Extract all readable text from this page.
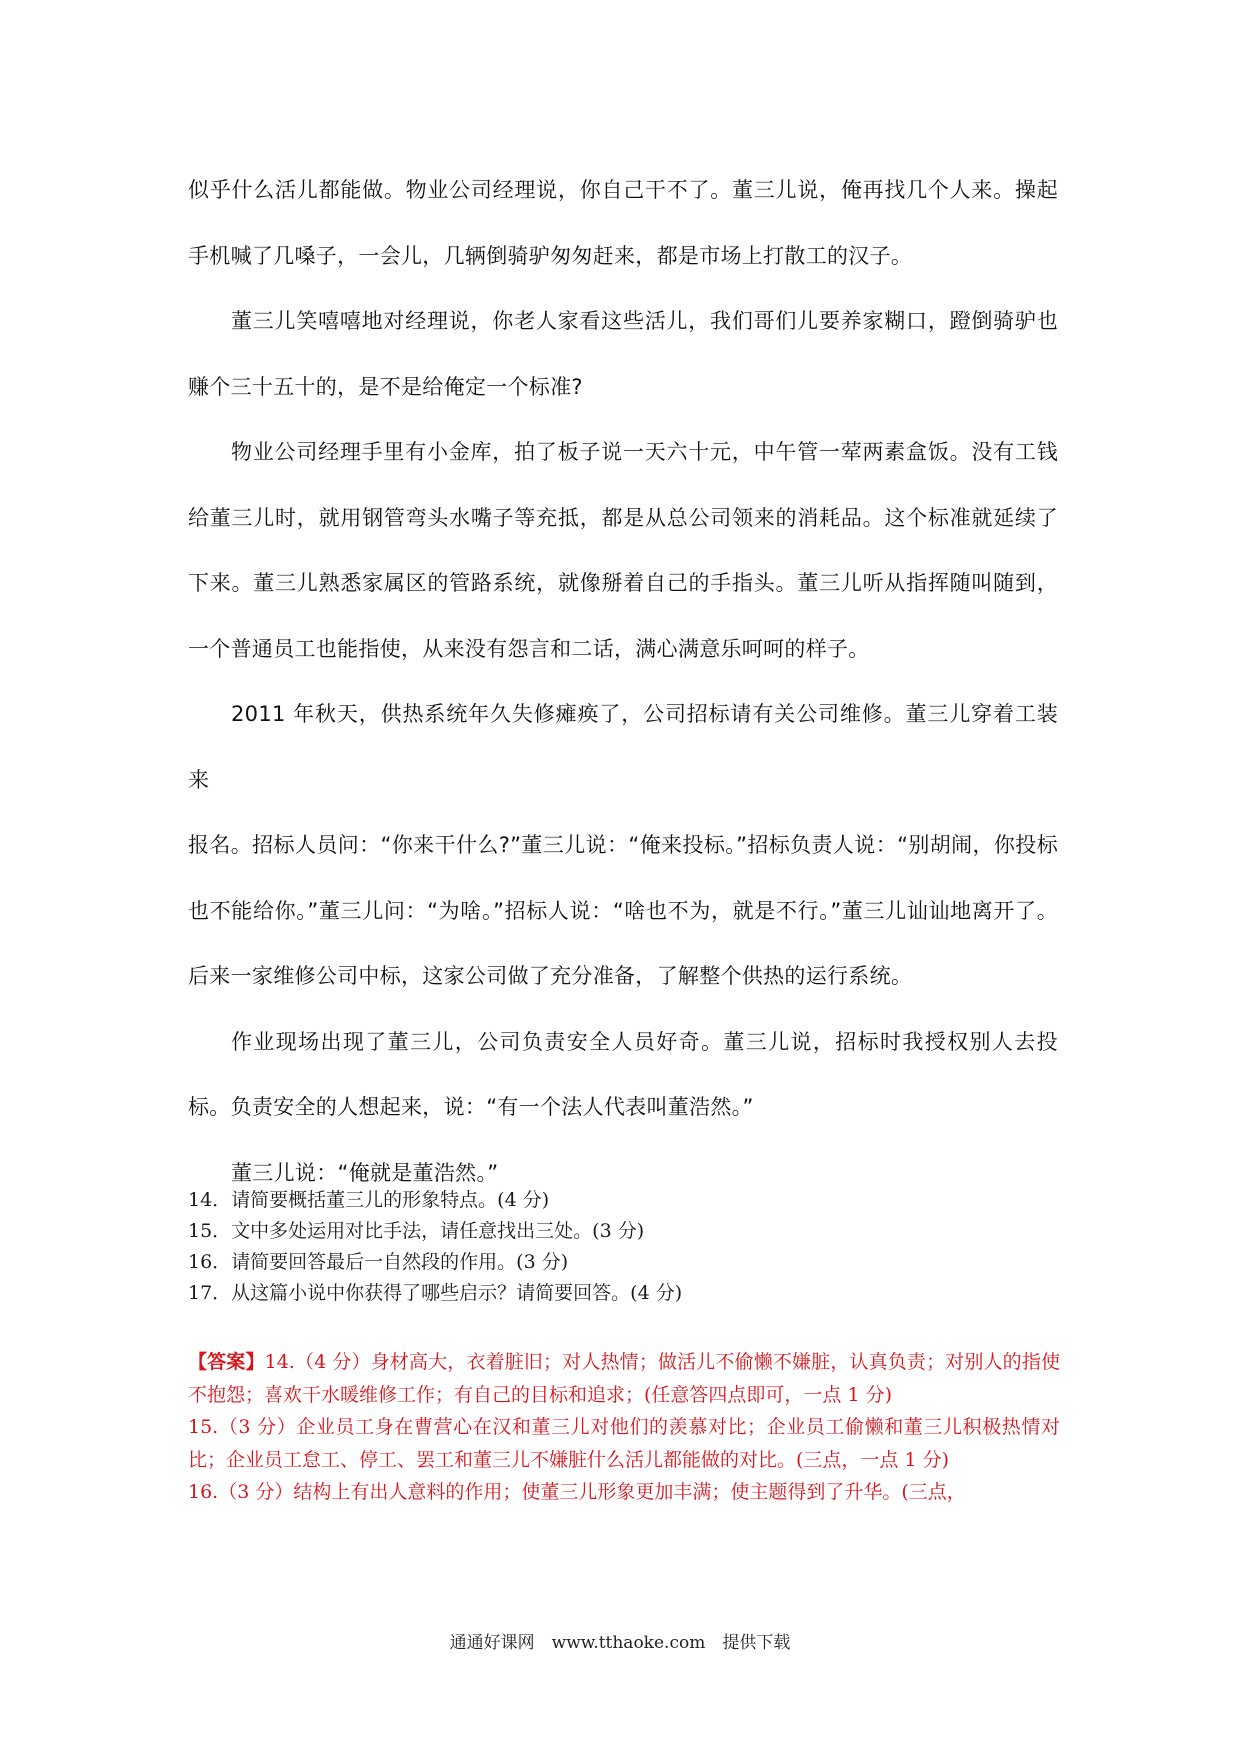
似乎什么活儿都能做。物业公司经理说，你自己干不了。董三儿说，俺再找几个人来。操起手机喊了几嗓子，一会儿，几辆倒骑驴匆匆赶来，都是市场上打散工的汉子。

董三儿笑嘻嘻地对经理说，你老人家看这些活儿，我们哥们儿要养家糊口，蹬倒骑驴也赚个三十五十的，是不是给俺定一个标准?

物业公司经理手里有小金库，拍了板子说一天六十元，中午管一荤两素盒饭。没有工钱给董三儿时，就用钢管弯头水嘴子等充抵，都是从总公司领来的消耗品。这个标准就延续了下来。董三儿熟悉家属区的管路系统，就像掰着自己的手指头。董三儿听从指挥随叫随到，一个普通员工也能指使，从来没有怨言和二话，满心满意乐呵呵的样子。

2011 年秋天，供热系统年久失修瘫痪了，公司招标请有关公司维修。董三儿穿着工装来

报名。招标人员问：“你来干什么?”董三儿说：“俺来投标。”招标负责人说：“别胡闹，你投标也不能给你。”董三儿问：“为啥。”招标人说：“啥也不为，就是不行。”董三儿讪讪地离开了。后来一家维修公司中标，这家公司做了充分准备，了解整个供热的运行系统。

作业现场出现了董三儿，公司负责安全人员好奇。董三儿说，招标时我授权别人去投标。负责安全的人想起来，说：“有一个法人代表叫董浩然。”

董三儿说：“俺就是董浩然。”

14．请简要概括董三儿的形象特点。(4 分)

15．文中多处运用对比手法，请任意找出三处。(3 分)

16．请简要回答最后一自然段的作用。(3 分)

17．从这篇小说中你获得了哪些启示？请简要回答。(4 分)

【答案】14.（4 分）身材高大，衣着脏旧；对人热情；做活儿不偷懒不嫌脏，认真负责；对别人的指使不抱怨；喜欢干水暖维修工作；有自己的目标和追求；(任意答四点即可，一点 1 分)

15.（3 分）企业员工身在曹营心在汉和董三儿对他们的羡慕对比；企业员工偷懒和董三儿积极热情对比；企业员工怠工、停工、罢工和董三儿不嫌脏什么活儿都能做的对比。(三点，一点 1 分)

16.（3 分）结构上有出人意料的作用；使董三儿形象更加丰满；使主题得到了升华。(三点，

通通好课网　www.tthaoke.com　提供下载
